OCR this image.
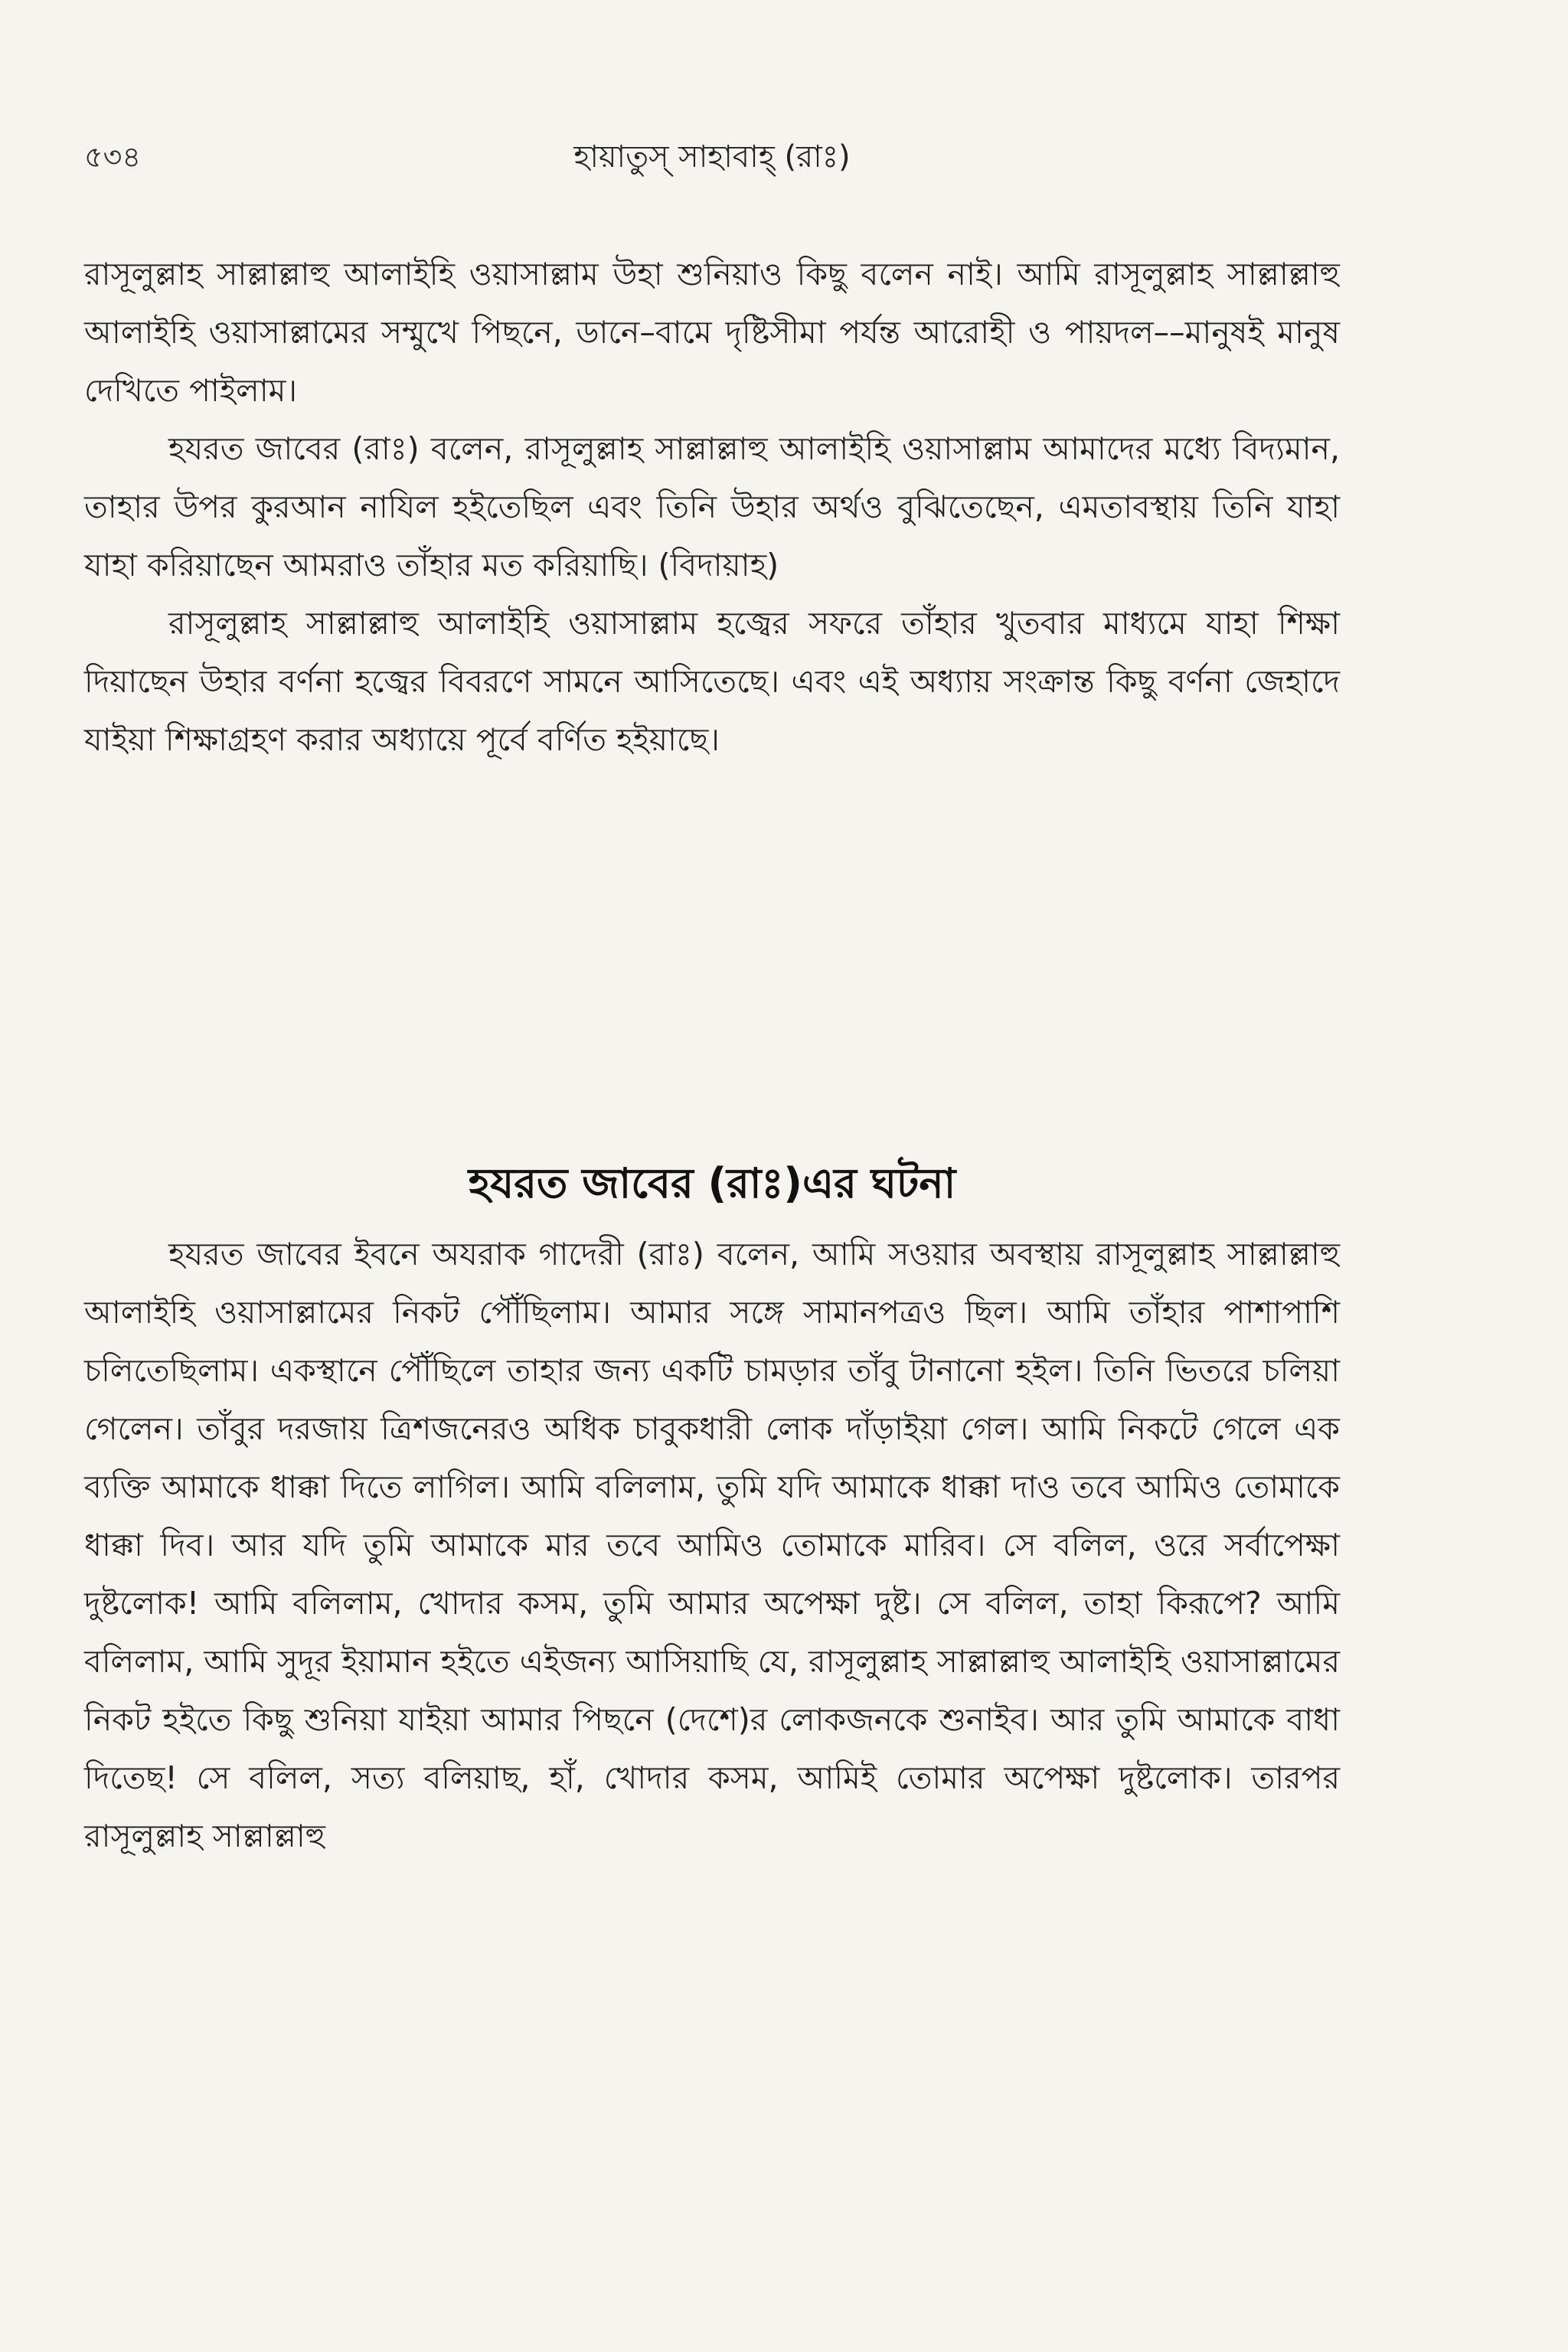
৫৩৪	হায়াতুস্ সাহাবাহ্ (রাঃ)

রাসূলুল্লাহ সাল্লাল্লাহু আলাইহি ওয়াসাল্লাম উহা শুনিয়াও কিছু বলেন নাই। আমি রাসূলুল্লাহ সাল্লাল্লাহু আলাইহি ওয়াসাল্লামের সম্মুখে পিছনে, ডানে–বামে দৃষ্টিসীমা পর্যন্ত আরোহী ও পায়দল––মানুষই মানুষ দেখিতে পাইলাম।

হযরত জাবের (রাঃ) বলেন, রাসূলুল্লাহ সাল্লাল্লাহু আলাইহি ওয়াসাল্লাম আমাদের মধ্যে বিদ্যমান, তাহার উপর কুরআন নাযিল হইতেছিল এবং তিনি উহার অর্থও বুঝিতেছেন, এমতাবস্থায় তিনি যাহা যাহা করিয়াছেন আমরাও তাঁহার মত করিয়াছি। (বিদায়াহ)

রাসূলুল্লাহ সাল্লাল্লাহু আলাইহি ওয়াসাল্লাম হজ্বের সফরে তাঁহার খুতবার মাধ্যমে যাহা শিক্ষা দিয়াছেন উহার বর্ণনা হজ্বের বিবরণে সামনে আসিতেছে। এবং এই অধ্যায় সংক্রান্ত কিছু বর্ণনা জেহাদে যাইয়া শিক্ষাগ্রহণ করার অধ্যায়ে পূর্বে বর্ণিত হইয়াছে।

হযরত জাবের (রাঃ)এর ঘটনা

হযরত জাবের ইবনে অযরাক গাদেরী (রাঃ) বলেন, আমি সওয়ার অবস্থায় রাসূলুল্লাহ সাল্লাল্লাহু আলাইহি ওয়াসাল্লামের নিকট পৌঁছিলাম। আমার সঙ্গে সামানপত্রও ছিল। আমি তাঁহার পাশাপাশি চলিতেছিলাম। একস্থানে পৌঁছিলে তাহার জন্য একটি চামড়ার তাঁবু টানানো হইল। তিনি ভিতরে চলিয়া গেলেন। তাঁবুর দরজায় ত্রিশজনেরও অধিক চাবুকধারী লোক দাঁড়াইয়া গেল। আমি নিকটে গেলে এক ব্যক্তি আমাকে ধাক্কা দিতে লাগিল। আমি বলিলাম, তুমি যদি আমাকে ধাক্কা দাও তবে আমিও তোমাকে ধাক্কা দিব। আর যদি তুমি আমাকে মার তবে আমিও তোমাকে মারিব। সে বলিল, ওরে সর্বাপেক্ষা দুষ্টলোক! আমি বলিলাম, খোদার কসম, তুমি আমার অপেক্ষা দুষ্ট। সে বলিল, তাহা কিরূপে? আমি বলিলাম, আমি সুদূর ইয়ামান হইতে এইজন্য আসিয়াছি যে, রাসূলুল্লাহ সাল্লাল্লাহু আলাইহি ওয়াসাল্লামের নিকট হইতে কিছু শুনিয়া যাইয়া আমার পিছনে (দেশে)র লোকজনকে শুনাইব। আর তুমি আমাকে বাধা দিতেছ! সে বলিল, সত্য বলিয়াছ, হাঁ, খোদার কসম, আমিই তোমার অপেক্ষা দুষ্টলোক। তারপর রাসূলুল্লাহ সাল্লাল্লাহু
